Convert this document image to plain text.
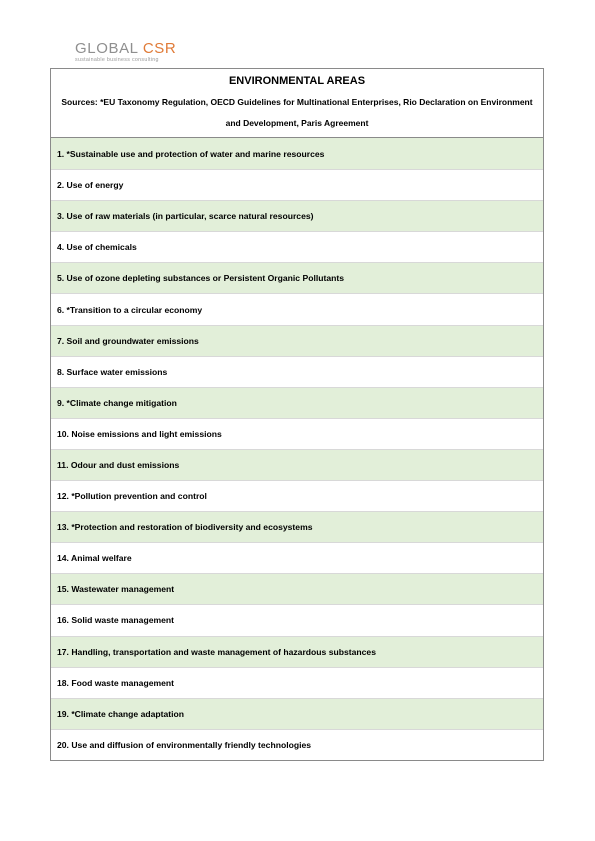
GLOBAL CSR
sustainable business consulting
ENVIRONMENTAL AREAS
Sources: *EU Taxonomy Regulation, OECD Guidelines for Multinational Enterprises, Rio Declaration on Environment and Development, Paris Agreement
1. *Sustainable use and protection of water and marine resources
2. Use of energy
3. Use of raw materials (in particular, scarce natural resources)
4. Use of chemicals
5. Use of ozone depleting substances or Persistent Organic Pollutants
6. *Transition to a circular economy
7. Soil and groundwater emissions
8. Surface water emissions
9. *Climate change mitigation
10. Noise emissions and light emissions
11. Odour and dust emissions
12. *Pollution prevention and control
13. *Protection and restoration of biodiversity and ecosystems
14. Animal welfare
15. Wastewater management
16. Solid waste management
17. Handling, transportation and waste management of hazardous substances
18. Food waste management
19. *Climate change adaptation
20. Use and diffusion of environmentally friendly technologies
